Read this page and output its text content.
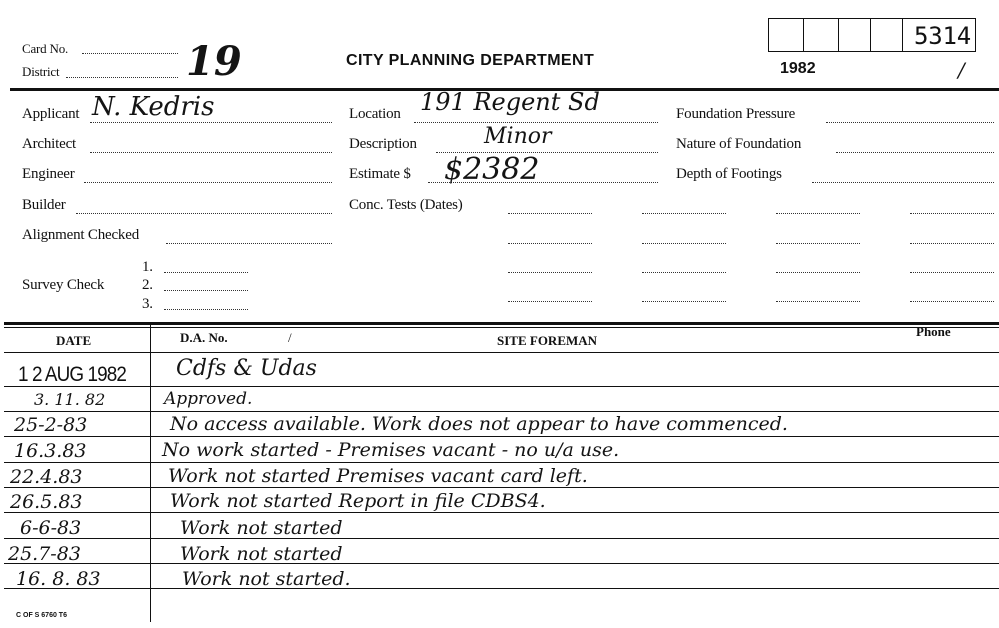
Card No.
District	19	CITY PLANNING DEPARTMENT	1982
5314
/
Applicant N. Kedris
Architect
Engineer
Builder
Alignment Checked
Survey Check
1.
2.
3.
Location 191 Regent Sd
Description	Minor
Estimate $ $2382
Conc. Tests (Dates)
Foundation Pressure
Nature of Foundation
Depth of Footings
DATE	D.A. No.	/	SITE FOREMAN
Phone
1 2 AUG 1982 Cdfs & Udas
3. 11. 82	Approved.
25-2-83	No access available. Work does not appear to have commenced.
16.3.83	No work started - Premises vacant - no u/a use.
22.4.83	Work not started Premises vacant card left.
26.5.83	Work not started Report in file CDBS4.
6-6-83	Work not started
25.7-83	Work not started
16. 8. 83	Work not started.
C OF S 6760 T6
